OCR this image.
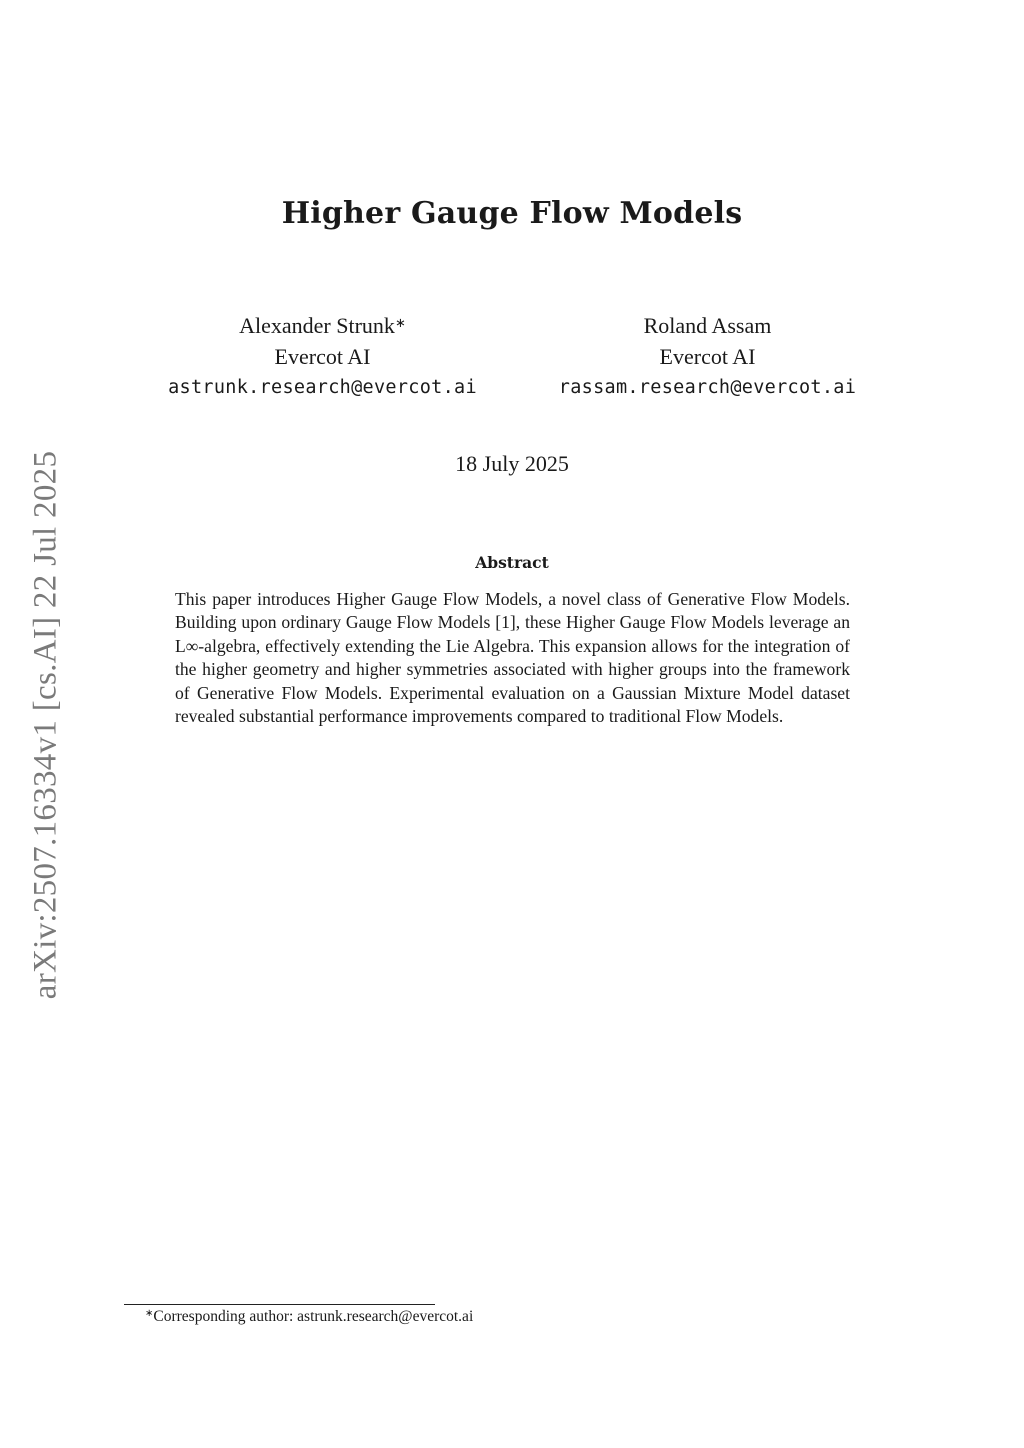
arXiv:2507.16334v1 [cs.AI] 22 Jul 2025
Higher Gauge Flow Models
Alexander Strunk∗
Evercot AI
astrunk.research@evercot.ai
Roland Assam
Evercot AI
rassam.research@evercot.ai
18 July 2025
Abstract
This paper introduces Higher Gauge Flow Models, a novel class of Generative Flow Models. Building upon ordinary Gauge Flow Models [1], these Higher Gauge Flow Models leverage an L∞-algebra, effectively extending the Lie Algebra. This expansion allows for the integration of the higher geometry and higher symmetries associated with higher groups into the framework of Generative Flow Models. Experimental evaluation on a Gaussian Mixture Model dataset revealed substantial performance improvements compared to traditional Flow Models.
∗Corresponding author: astrunk.research@evercot.ai
